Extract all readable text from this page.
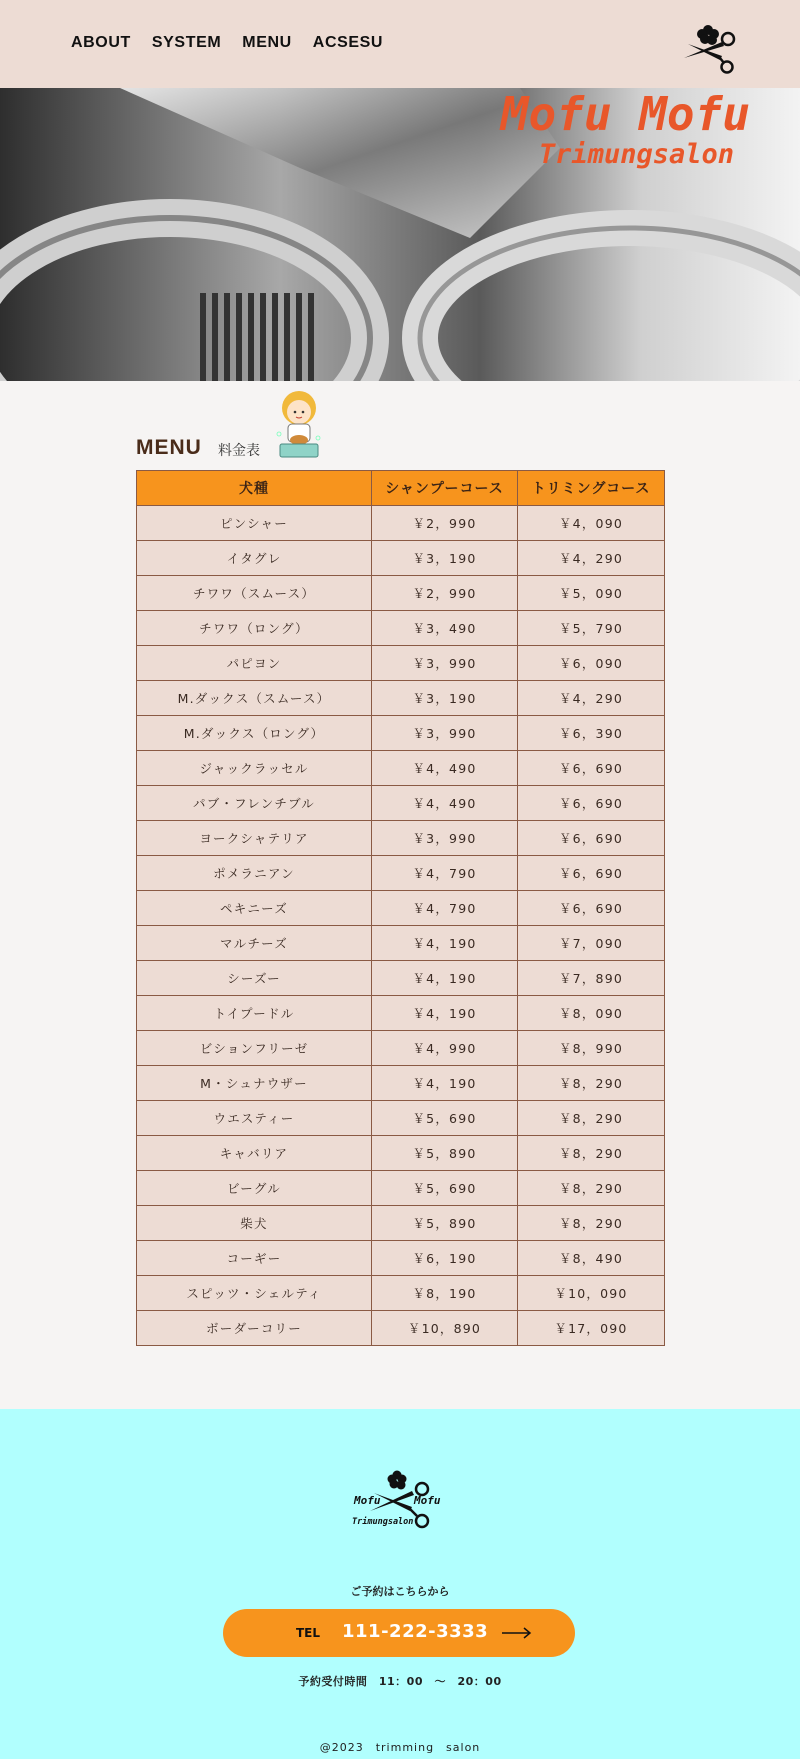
ABOUT SYSTEM MENU ACSESU
Mofu Mofu
Trimungsalon
MENU 料金表
犬種	シャンプーコース	トリミングコース
ピンシャー	￥2，990	￥4，090
イタグレ	￥3，190	￥4，290
チワワ（スムース）	￥2，990	￥5，090
チワワ（ロング）	￥3，490	￥5，790
パピヨン	￥3，990	￥6，090
M.ダックス（スムース）	￥3，190	￥4，290
M.ダックス（ロング）	￥3，990	￥6，390
ジャックラッセル	￥4，490	￥6，690
パブ・フレンチブル	￥4，490	￥6，690
ヨークシャテリア	￥3，990	￥6，690
ポメラニアン	￥4，790	￥6，690
ペキニーズ	￥4，790	￥6，690
マルチーズ	￥4，190	￥7，090
シーズー	￥4，190	￥7，890
トイプードル	￥4，190	￥8，090
ビションフリーゼ	￥4，990	￥8，990
M・シュナウザー	￥4，190	￥8，290
ウエスティー	￥5，690	￥8，290
キャバリア	￥5，890	￥8，290
ビーグル	￥5，690	￥8，290
柴犬	￥5，890	￥8，290
コーギー	￥6，190	￥8，490
スピッツ・シェルティ	￥8，190	￥10，090
ボーダーコリー	￥10，890	￥17，090
Mofu	Mofu
Trimungsalon
ご予約はこちらから
TEL 111-222-3333
予約受付時間　11：00　〜　20：00
@2023　trimming　salon
